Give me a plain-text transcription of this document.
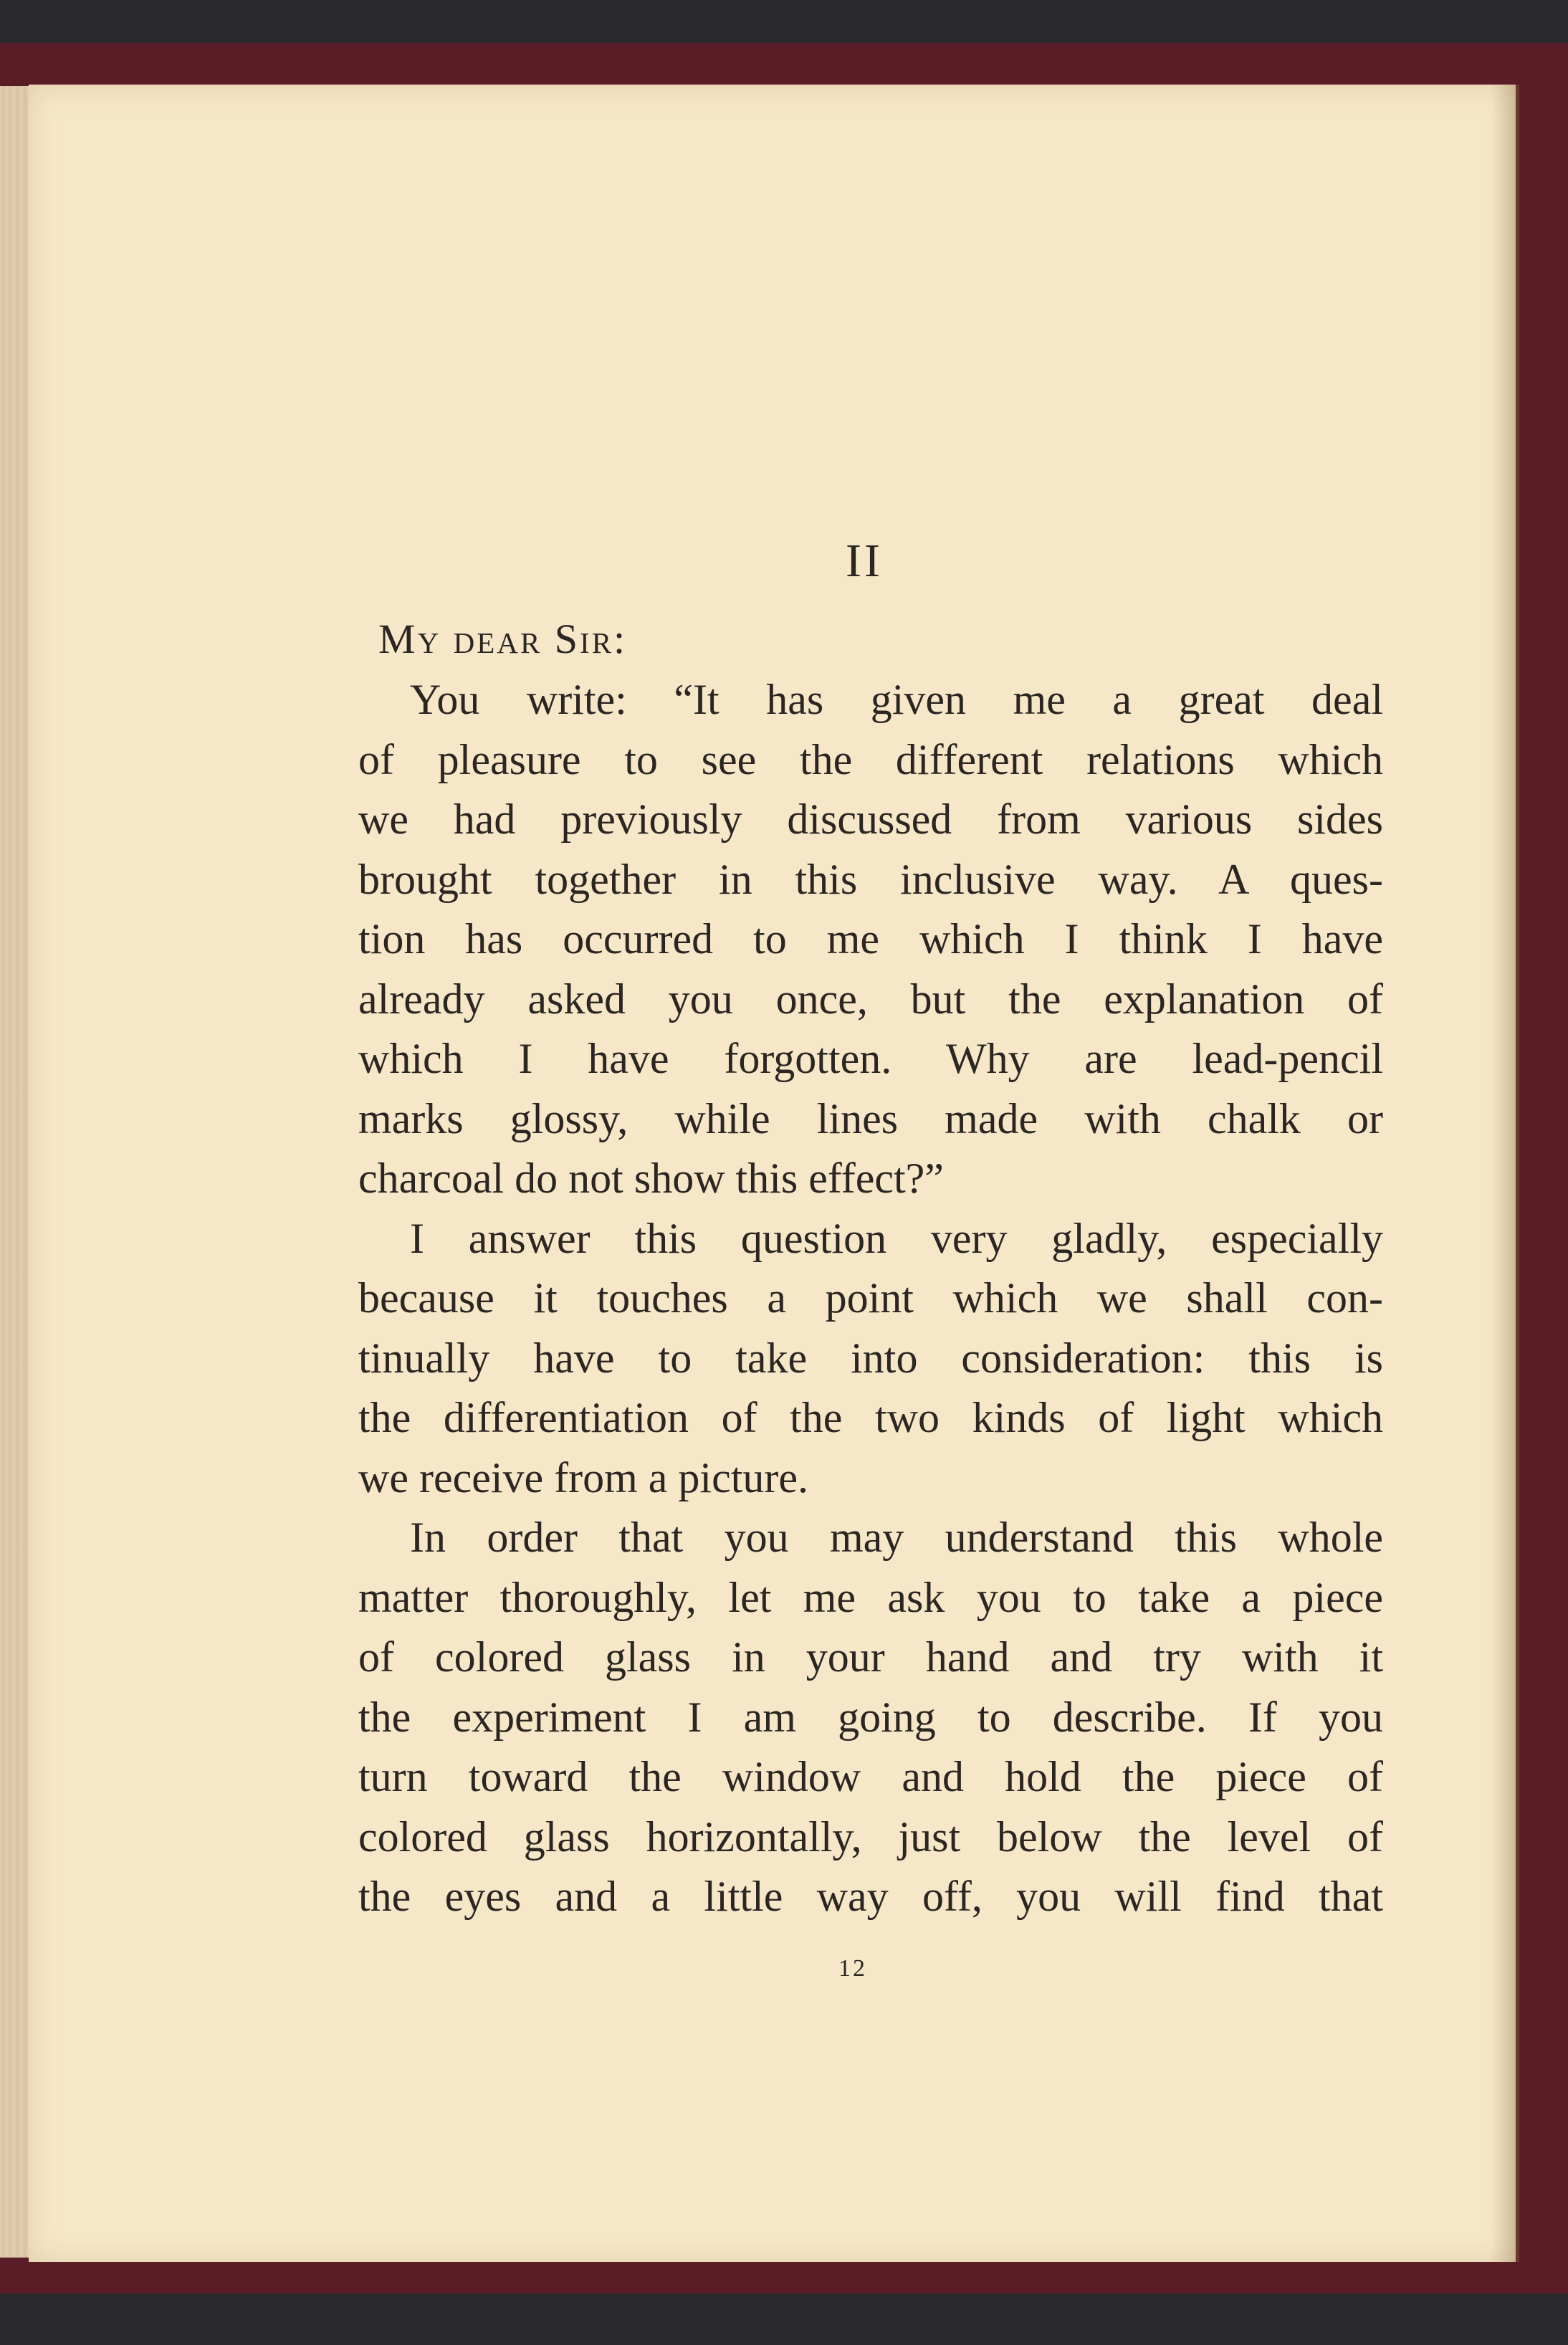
II
My dear Sir:
You write: “It has given me a great deal
of pleasure to see the different relations which
we had previously discussed from various sides
brought together in this inclusive way. A ques-
tion has occurred to me which I think I have
already asked you once, but the explanation of
which I have forgotten. Why are lead-pencil
marks glossy, while lines made with chalk or
charcoal do not show this effect?”
I answer this question very gladly, especially
because it touches a point which we shall con-
tinually have to take into consideration: this is
the differentiation of the two kinds of light which
we receive from a picture.
In order that you may understand this whole
matter thoroughly, let me ask you to take a piece
of colored glass in your hand and try with it
the experiment I am going to describe. If you
turn toward the window and hold the piece of
colored glass horizontally, just below the level of
the eyes and a little way off, you will find that
12
